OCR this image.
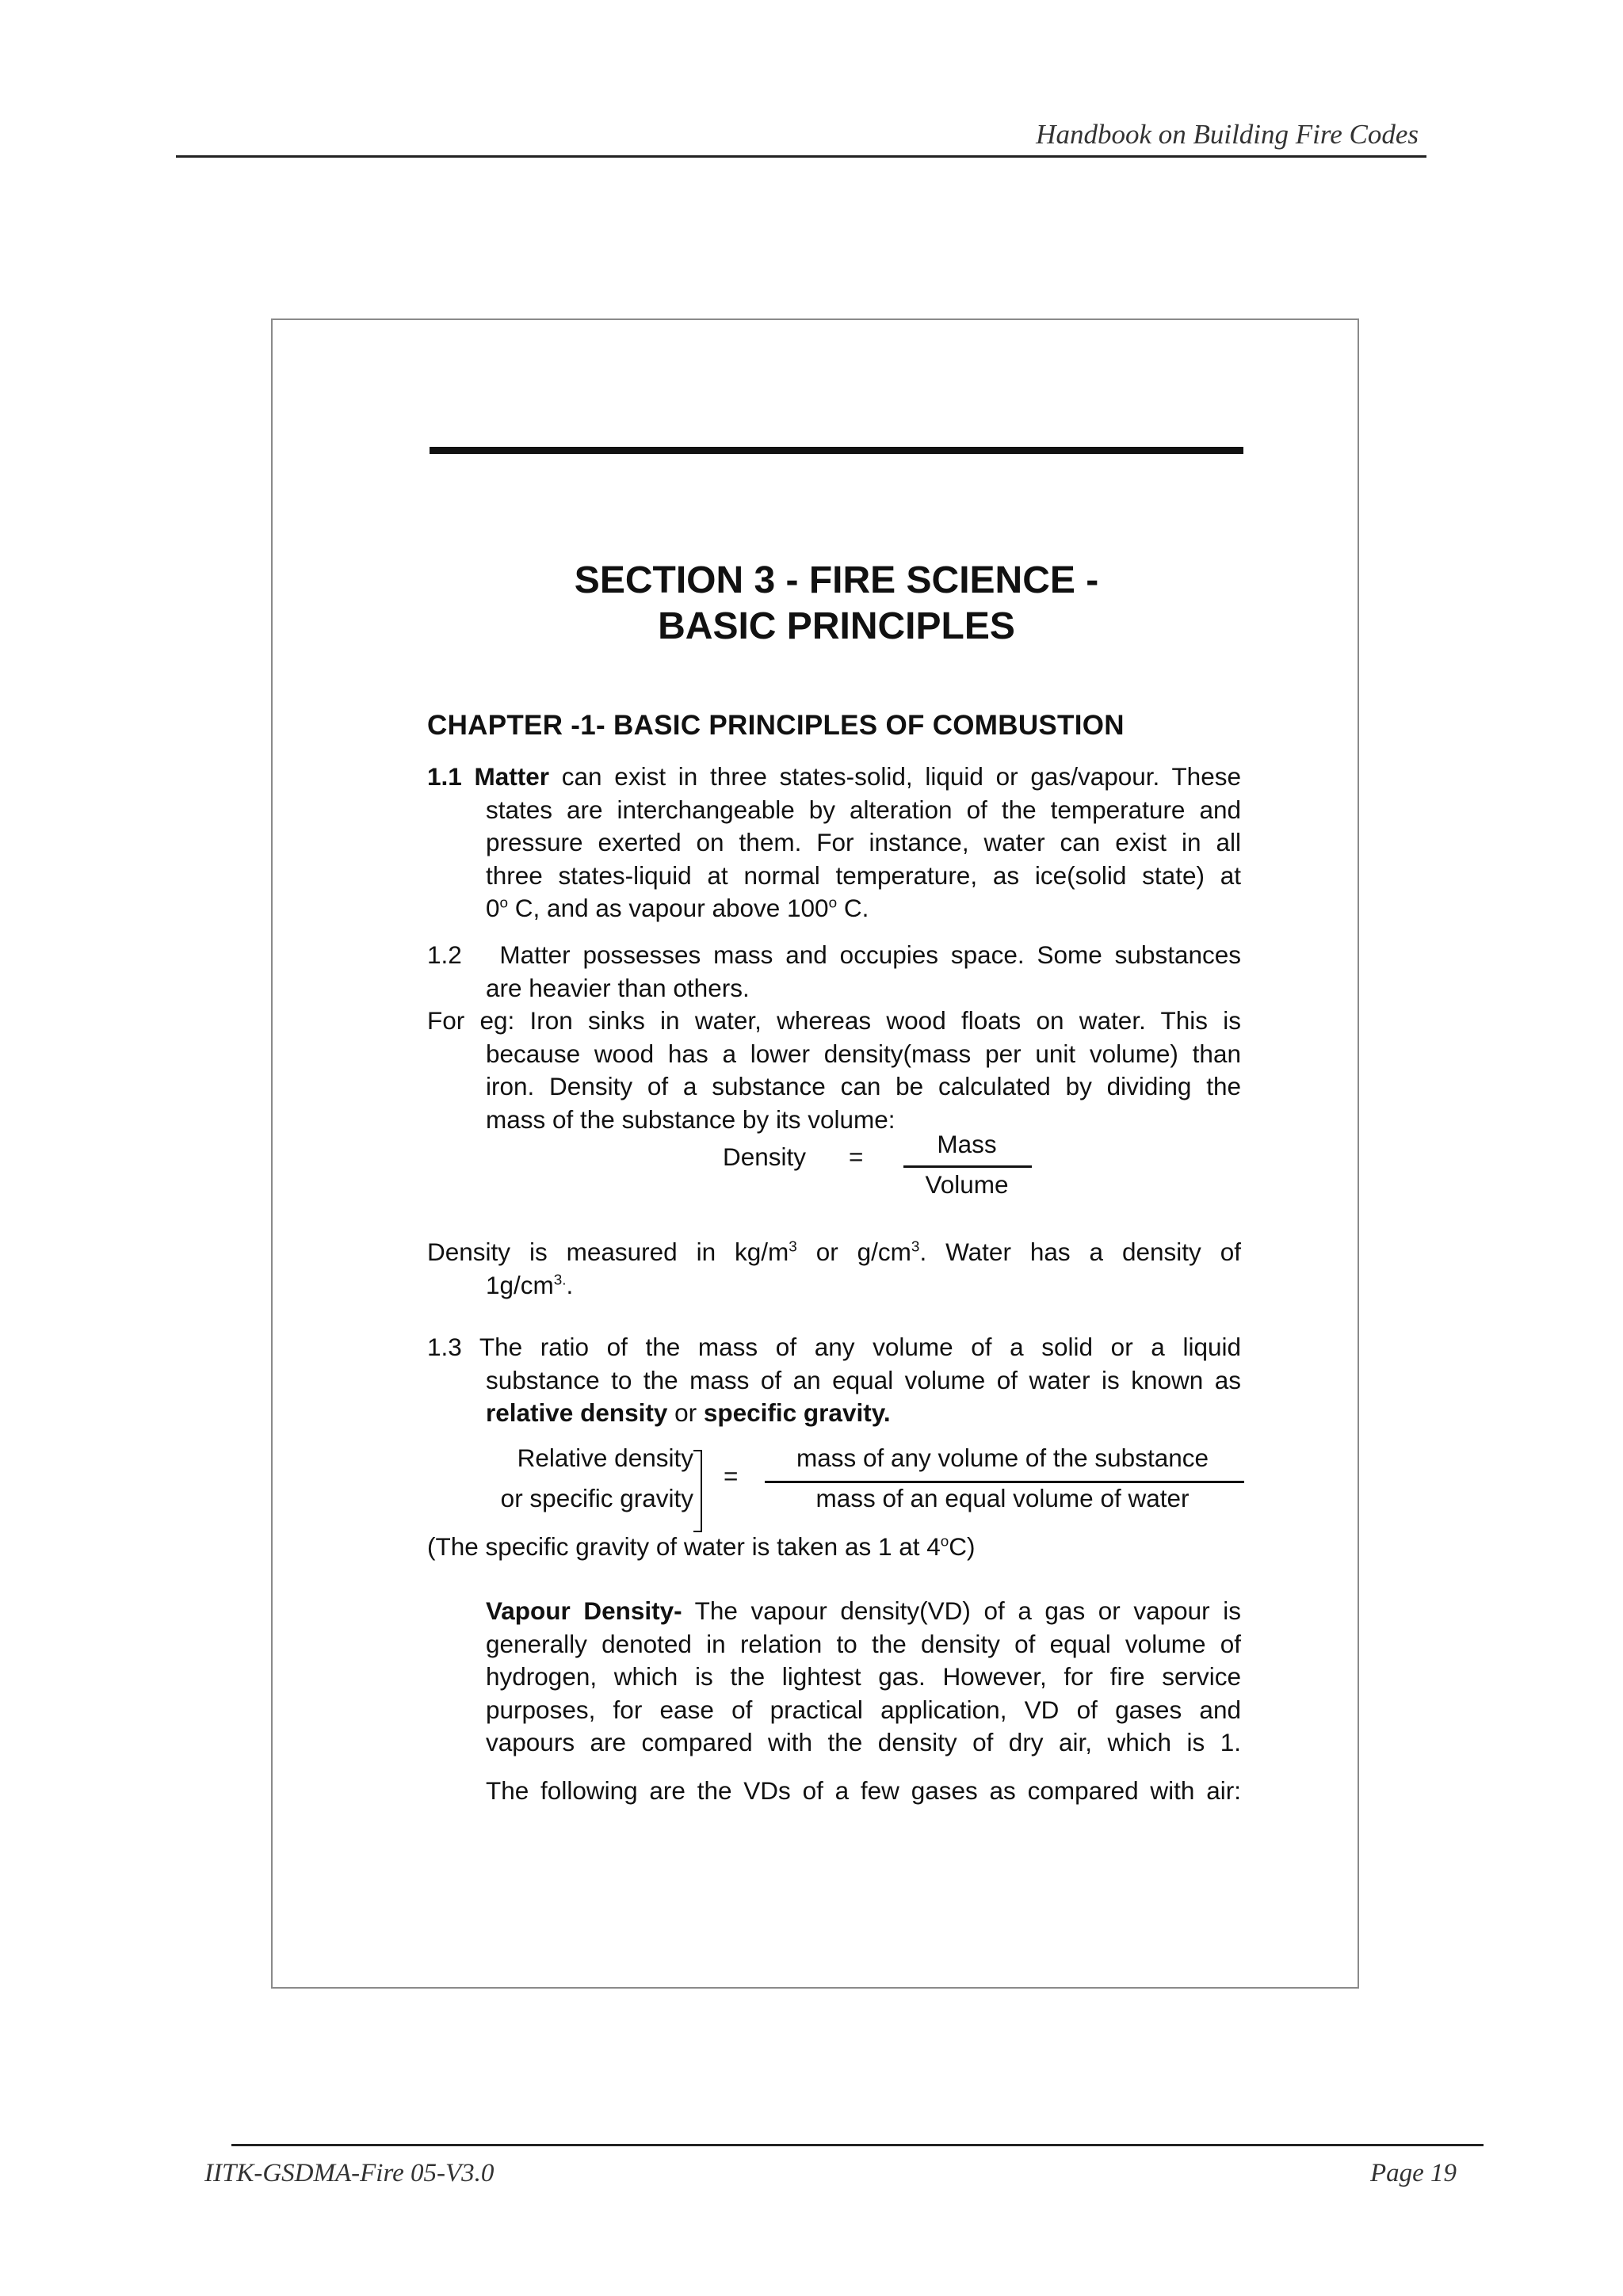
Handbook on Building Fire Codes
SECTION 3 - FIRE SCIENCE -
BASIC PRINCIPLES
CHAPTER -1- BASIC PRINCIPLES OF COMBUSTION
1.1 Matter can exist in three states-solid, liquid or gas/vapour. These
states are interchangeable by alteration of the temperature and
pressure exerted on them. For instance, water can exist in all
three states-liquid at normal temperature, as ice(solid state) at
0$^o$ C, and as vapour above 100$^o$ C.
1.2   Matter possesses mass and occupies space. Some substances
are heavier than others.
For eg: Iron sinks in water, whereas wood floats on water. This is
because wood has a lower density(mass per unit volume) than
iron. Density of a substance can be calculated by dividing the
mass of the substance by its volume:
Density =	Mass
Volume
Density is measured in $kg/m^3$ or $g/cm^3$. Water has a density of
$1g/cm^{3.}$.
1.3 The ratio of the mass of any volume of a solid or a liquid
substance to the mass of an equal volume of water is known as
relative density or specific gravity.
Relative density
or specific gravity
=
mass of any volume of the substance
mass of an equal volume of water
(The specific gravity of water is taken as 1 at 4$^o$C)
Vapour Density- The vapour density(VD) of a gas or vapour is
generally denoted in relation to the density of equal volume of
hydrogen, which is the lightest gas. However, for fire service
purposes, for ease of practical application, VD of gases and
vapours are compared with the density of dry air, which is 1.
The following are the VDs of a few gases as compared with air:
IITK-GSDMA-Fire 05-V3.0	Page 19
